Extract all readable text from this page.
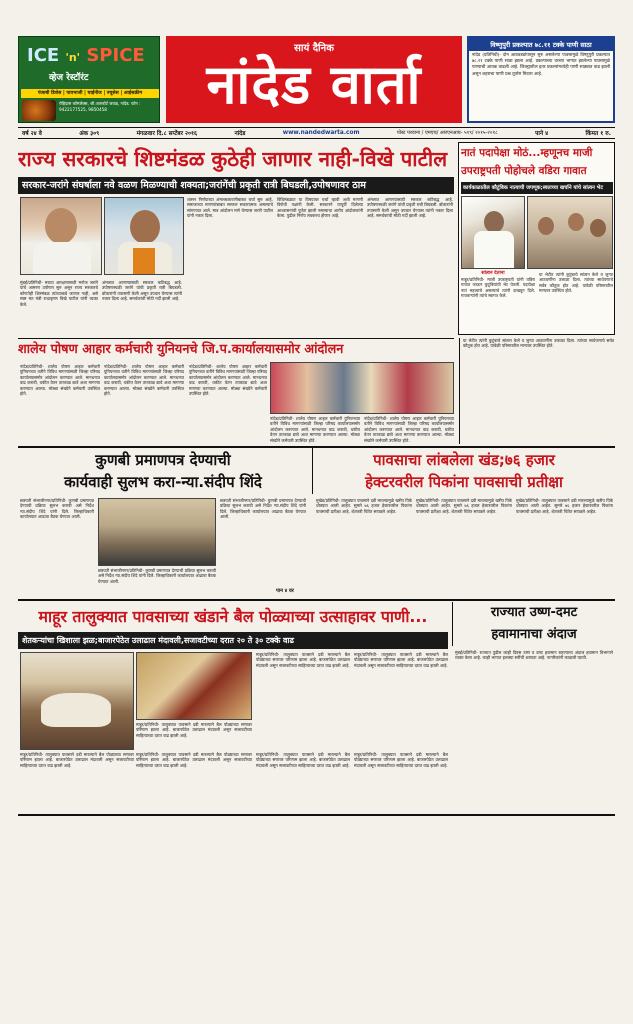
ICE 'n' SPICE
व्हेज रेस्टॉरंट
पंजाबी डिशेस | पावभाजी | चाईनीज | ज्यूसेस | आईसक्रीम
रोहिदास कॉम्प्लेक्स, श्री.आरकोर्ट जवळ, नांदेड. फोन : 9422177525, 9850458
सायं दैनिक
नांदेड वार्ता
विष्णुपुरी प्रकल्पात ७८.११ टक्के पाणी साठा
नांदेड (प्रतिनिधी)- दोन आठवड्यांपासून सुरु असलेल्या पावसामुळे विष्णुपुरी प्रकल्पात ७८.११ टक्के पाणी साठा झाला आहे. प्रकल्पाच्या वरच्या भागात झालेल्या पावसामुळे पाण्याची आवक वाढली आहे. जिल्ह्यातील इतर प्रकल्पांमध्येही पाणी साठ्यात वाढ झाली असून शहराचा पाणी प्रश्न तूर्तास मिटला आहे.
वर्ष २४ वे	अंक ३०९	मंगळवार दि.८ सप्टेंबर २०१६	नांदेड	www.nandedwarta.com	पोस्ट परवाना / एमएच/ आरएनआय- ५१९/ २०१५-२०१८	पाने ४	किंमत १ रु.
राज्य सरकारचे शिष्टमंडळ कुठेही जाणार नाही-विखे पाटील
सरकार-जरांगे संघर्षाला नवे वळण मिळण्याची शक्यता;जरांगेंची प्रकृती रात्री बिघडली,उपोषणावर ठाम
मुंबई/प्रतिनिधी- मराठा आरक्षणासाठी मनोज जरांगे यांचे आमरण उपोषण सुरु असून राज्य सरकारचे कोणतेही शिष्टमंडळ त्यांच्याकडे जाणार नाही, असे स्पष्ट मत मंत्री राधाकृष्ण विखे पाटील यांनी व्यक्त केले.
अंमलात आणण्यासाठी सरकार कटिबद्ध आहे. उपोषणस्थळी जरांगे यांची प्रकृती रात्री बिघडली. डॉक्टरांनी तपासणी केली असून उपचार घेण्यास त्यांनी नकार दिला आहे. समर्थकांची मोठी गर्दी झाली आहे.
शासन निर्णयाच्या अंमलबजावणीबाबत चर्चा सुरु आहे. समाजाच्या मागण्यांबाबत सरकार सकारात्मक असल्याचे सांगण्यात आले. मात्र आंदोलन मागे घेण्यास जरांगे पाटील यांनी नकार दिला.
विधिमंडळात या विषयावर चर्चा व्हावी अशी मागणी विरोधी पक्षांनी केली. सरकारने यापूर्वी दिलेल्या आश्वासनांची पूर्तता झाली नसल्याचा आरोप आंदोलकांनी केला. पुढील निर्णय लवकरच होणार आहे.
अंमलात आणण्यासाठी सरकार कटिबद्ध आहे. उपोषणस्थळी जरांगे यांची प्रकृती रात्री बिघडली. डॉक्टरांनी तपासणी केली असून उपचार घेण्यास त्यांनी नकार दिला आहे. समर्थकांची मोठी गर्दी झाली आहे.
नातं पदापेक्षा मोठं...म्हणूनच माजी
उपराष्ट्रपती पोहोचले वडिरा गावात
कार्यकाळातील कौटुंबिक नात्याची जपणूक;स्वतःच्या खर्चाने यांचे सांत्वन भेट
सांत्वन देताना
माहूर/प्रतिनिधी- माजी उपराष्ट्रपती यांनी वडिरा गावात जाऊन कुटुंबियांची भेट घेतली. पदापेक्षा नातं महत्त्वाचे असल्याचे त्यांनी दाखवून दिले. गावकऱ्यांनी त्यांचे स्वागत केले.
या भेटीत त्यांनी कुटुंबाचे सांत्वन केले व जुन्या आठवणींना उजाळा दिला. त्यांच्या साधेपणाचे सर्वत्र कौतुक होत आहे. यावेळी परिसरातील मान्यवर उपस्थित होते.
शालेय पोषण आहार कर्मचारी युनियनचे जि.प.कार्यालयासमोर आंदोलन
नांदेड/प्रतिनिधी- शालेय पोषण आहार कर्मचारी युनियनच्या वतीने विविध मागण्यांसाठी जिल्हा परिषद कार्यालयासमोर आंदोलन करण्यात आले. मानधनात वाढ करावी, थकीत वेतन तात्काळ द्यावे अशा मागण्या करण्यात आल्या. मोठ्या संख्येने कर्मचारी उपस्थित होते.
नांदेड/प्रतिनिधी- शालेय पोषण आहार कर्मचारी युनियनच्या वतीने विविध मागण्यांसाठी जिल्हा परिषद कार्यालयासमोर आंदोलन करण्यात आले. मानधनात वाढ करावी, थकीत वेतन तात्काळ द्यावे अशा मागण्या करण्यात आल्या. मोठ्या संख्येने कर्मचारी उपस्थित होते.
नांदेड/प्रतिनिधी- शालेय पोषण आहार कर्मचारी युनियनच्या वतीने विविध मागण्यांसाठी जिल्हा परिषद कार्यालयासमोर आंदोलन करण्यात आले. मानधनात वाढ करावी, थकीत वेतन तात्काळ द्यावे अशा मागण्या करण्यात आल्या. मोठ्या संख्येने कर्मचारी उपस्थित होते.
नांदेड/प्रतिनिधी- शालेय पोषण आहार कर्मचारी युनियनच्या वतीने विविध मागण्यांसाठी जिल्हा परिषद कार्यालयासमोर आंदोलन करण्यात आले. मानधनात वाढ करावी, थकीत वेतन तात्काळ द्यावे अशा मागण्या करण्यात आल्या. मोठ्या संख्येने कर्मचारी उपस्थित होते.
नांदेड/प्रतिनिधी- शालेय पोषण आहार कर्मचारी युनियनच्या वतीने विविध मागण्यांसाठी जिल्हा परिषद कार्यालयासमोर आंदोलन करण्यात आले. मानधनात वाढ करावी, थकीत वेतन तात्काळ द्यावे अशा मागण्या करण्यात आल्या. मोठ्या संख्येने कर्मचारी उपस्थित होते.
या भेटीत त्यांनी कुटुंबाचे सांत्वन केले व जुन्या आठवणींना उजाळा दिला. त्यांच्या साधेपणाचे सर्वत्र कौतुक होत आहे. यावेळी परिसरातील मान्यवर उपस्थित होते.
कुणबी प्रमाणपत्र देण्याची
कार्यवाही सुलभ करा-न्या.संदीप शिंदे
छत्रपती संभाजीनगर/प्रतिनिधी- कुणबी प्रमाणपत्र देण्याची प्रक्रिया सुलभ करावी असे निर्देश न्या.संदीप शिंदे यांनी दिले. जिल्हाधिकारी कार्यालयात आढावा बैठक घेण्यात आली.
छत्रपती संभाजीनगर/प्रतिनिधी- कुणबी प्रमाणपत्र देण्याची प्रक्रिया सुलभ करावी असे निर्देश न्या.संदीप शिंदे यांनी दिले. जिल्हाधिकारी कार्यालयात आढावा बैठक घेण्यात आली.
छत्रपती संभाजीनगर/प्रतिनिधी- कुणबी प्रमाणपत्र देण्याची प्रक्रिया सुलभ करावी असे निर्देश न्या.संदीप शिंदे यांनी दिले. जिल्हाधिकारी कार्यालयात आढावा बैठक घेण्यात आली.
पान ४ वर
पावसाचा लांबलेला खंड;७६ हजार
हेक्टरवरील पिकांना पावसाची प्रतीक्षा
मुखेड/प्रतिनिधी- तालुक्यात पावसाने दडी मारल्यामुळे खरीप पिके धोक्यात आली आहेत. सुमारे ७६ हजार हेक्टरवरील पिकांना पावसाची प्रतीक्षा आहे. शेतकरी चिंतेत सापडले आहेत.
मुखेड/प्रतिनिधी- तालुक्यात पावसाने दडी मारल्यामुळे खरीप पिके धोक्यात आली आहेत. सुमारे ७६ हजार हेक्टरवरील पिकांना पावसाची प्रतीक्षा आहे. शेतकरी चिंतेत सापडले आहेत.
मुखेड/प्रतिनिधी- तालुक्यात पावसाने दडी मारल्यामुळे खरीप पिके धोक्यात आली आहेत. सुमारे ७६ हजार हेक्टरवरील पिकांना पावसाची प्रतीक्षा आहे. शेतकरी चिंतेत सापडले आहेत.
माहूर तालुक्यात पावसाच्या खंडाने बैल पोळ्याच्या उत्साहावर पाणी...
शेतकऱ्यांचा खिशाला झळ;बाजारपेठेत उलाढाल मंदावली,सजावटीच्या दरात २० ते ३० टक्के वाढ
माहूर/प्रतिनिधी- तालुक्यात पावसाने दडी मारल्याने बैल पोळ्याच्या सणावर परिणाम झाला आहे. बाजारपेठेत उलाढाल मंदावली असून सजावटीच्या साहित्याच्या दरात वाढ झाली आहे.
माहूर/प्रतिनिधी- तालुक्यात पावसाने दडी मारल्याने बैल पोळ्याच्या सणावर परिणाम झाला आहे. बाजारपेठेत उलाढाल मंदावली असून सजावटीच्या साहित्याच्या दरात वाढ झाली आहे.
माहूर/प्रतिनिधी- तालुक्यात पावसाने दडी मारल्याने बैल पोळ्याच्या सणावर परिणाम झाला आहे. बाजारपेठेत उलाढाल मंदावली असून सजावटीच्या साहित्याच्या दरात वाढ झाली आहे.
माहूर/प्रतिनिधी- तालुक्यात पावसाने दडी मारल्याने बैल पोळ्याच्या सणावर परिणाम झाला आहे. बाजारपेठेत उलाढाल मंदावली असून सजावटीच्या साहित्याच्या दरात वाढ झाली आहे.
माहूर/प्रतिनिधी- तालुक्यात पावसाने दडी मारल्याने बैल पोळ्याच्या सणावर परिणाम झाला आहे. बाजारपेठेत उलाढाल मंदावली असून सजावटीच्या साहित्याच्या दरात वाढ झाली आहे.
माहूर/प्रतिनिधी- तालुक्यात पावसाने दडी मारल्याने बैल पोळ्याच्या सणावर परिणाम झाला आहे. बाजारपेठेत उलाढाल मंदावली असून सजावटीच्या साहित्याच्या दरात वाढ झाली आहे.
माहूर/प्रतिनिधी- तालुक्यात पावसाने दडी मारल्याने बैल पोळ्याच्या सणावर परिणाम झाला आहे. बाजारपेठेत उलाढाल मंदावली असून सजावटीच्या साहित्याच्या दरात वाढ झाली आहे.
राज्यात उष्ण-दमट
हवामानाचा अंदाज
मुंबई/प्रतिनिधी- राज्यात पुढील काही दिवस उष्ण व दमट हवामान राहण्याचा अंदाज हवामान विभागाने व्यक्त केला आहे. काही भागात हलक्या सरींची शक्यता आहे. नागरिकांनी काळजी घ्यावी.
